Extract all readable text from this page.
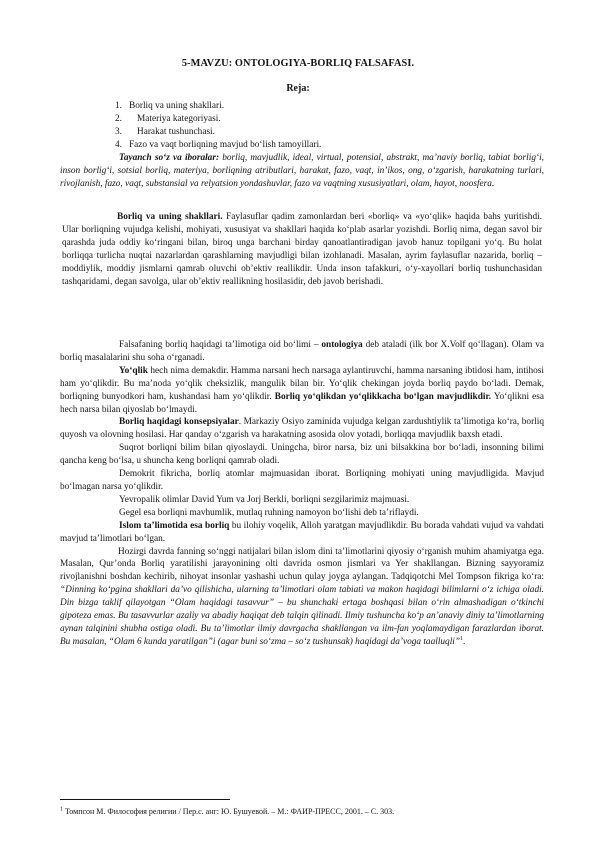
5-MAVZU: ONTOLOGIYA-BORLIQ FALSAFASI.
Reja:
1. Borliq va uning shakllari.
2. Materiya kategoriyasi.
3. Harakat tushunchasi.
4. Fazo va vaqt borliqning mavjud bo‘lish tamoyillari.

Tayanch so‘z va iboralar: borliq, mavjudlik, ideal, virtual, potensial, abstrakt, ma’naviy borliq, tabiat borlig‘i, inson borlig‘i, sotsial borliq, materiya, borliqning atributlari, harakat, fazo, vaqt, in’ikos, ong, o‘zgarish, harakatning turlari, rivojlanish, fazo, vaqt, substansial va relyatsion yondashuvlar, fazo va vaqtning xususiyatlari, olam, hayot, noosfera.

Borliq va uning shakllari. Faylasuflar qadim zamonlardan beri «borliq» va «yo‘qlik» haqida bahs yuritishdi. Ular borliqning vujudga kelishi, mohiyati, xususiyat va shakllari haqida ko‘plab asarlar yozishdi. Borliq nima, degan savol bir qarashda juda oddiy ko‘ringani bilan, biroq unga barchani birday qanoatlantiradigan javob hanuz topilgani yo‘q. Bu holat borliqqa turlicha nuqtai nazarlardan qarashlarning mavjudligi bilan izohlanadi. Masalan, ayrim faylasuflar nazarida, borliq – moddiylik, moddiy jismlarni qamrab oluvchi ob’ektiv reallikdir. Unda inson tafakkuri, o‘y-xayollari borliq tushunchasidan tashqaridami, degan savolga, ular ob’ektiv reallikning hosilasidir, deb javob berishadi.

Falsafaning borliq haqidagi ta’limotiga oid bo‘limi – ontologiya deb ataladi (ilk bor X.Volf qo‘llagan). Olam va borliq masalalarini shu soha o‘rganadi.

Yo‘qlik hech nima demakdir. Hamma narsani hech narsaga aylantiruvchi, hamma narsaning ibtidosi ham, intihosi ham yo‘qlikdir. Bu ma’noda yo‘qlik cheksizlik, mangulik bilan bir. Yo‘qlik chekingan joyda borliq paydo bo‘ladi. Demak, borliqning bunyodkori ham, kushandasi ham yo‘qlikdir. Borliq yo‘qlikdan yo‘qlikkacha bo‘lgan mavjudlikdir. Yo‘qlikni esa hech narsa bilan qiyoslab bo‘lmaydi.

Borliq haqidagi konsepsiyalar. Markaziy Osiyo zaminida vujudga kelgan zardushtiylik ta’limotiga ko‘ra, borliq quyosh va olovning hosilasi. Har qanday o‘zgarish va harakatning asosida olov yotadi, borliqqa mavjudlik baxsh etadi.

Suqrot borliqni bilim bilan qiyoslaydi. Uningcha, biror narsa, biz uni bilsakkina bor bo‘ladi, insonning bilimi qancha keng bo‘lsa, u shuncha keng borliqni qamrab oladi.

Demokrit fikricha, borliq atomlar majmuasidan iborat. Borliqning mohiyati uning mavjudligida. Mavjud bo‘lmagan narsa yo‘qlikdir.

Yevropalik olimlar David Yum va Jorj Berkli, borliqni sezgilarimiz majmuasi.

Gegel esa borliqni mavhumlik, mutlaq ruhning namoyon bo‘lishi deb ta’riflaydi.

Islom ta’limotida esa borliq bu ilohiy voqelik, Alloh yaratgan mavjudlikdir. Bu borada vahdati vujud va vahdati mavjud ta’limotlari bo‘lgan.

Hozirgi davrda fanning so‘nggi natijalari bilan islom dini ta’limotlarini qiyosiy o‘rganish muhim ahamiyatga ega. Masalan, Qur’onda Borliq yaratilishi jarayonining olti davrida osmon jismlari va Yer shakllangan. Bizning sayyoramiz rivojlanishni boshdan kechirib, nihoyat insonlar yashashi uchun qulay joyga aylangan. Tadqiqotchi Mel Tompson fikriga ko‘ra: “Dinning ko‘pgina shakllari da’vo qilishicha, ularning ta’limotlari olam tabiati va makon haqidagi bilimlarni o‘z ichiga oladi. Din bizga taklif qilayotgan “Olam haqidagi tasavvur” – bu shunchaki ertaga boshqasi bilan o‘rin almashadigan o‘tkinchi gipoteza emas. Bu tasavvurlar azaliy va abadiy haqiqat deb talqin qilinadi. Ilmiy tushuncha ko‘p an’anaviy diniy ta’limotlarning aynan talqinini shubha ostiga oladi. Bu ta’limotlar ilmiy davrgacha shakllangan va ilm-fan yoqlamaydigan farazlardan iborat. Bu masalan, “Olam 6 kunda yaratilgan”i (agar buni so‘zma – so‘z tushunsak) haqidagi da’voga taalluqli”$^1$.

$^1$ Томпсон М. Философия религии / Пер.с. анг: Ю. Бушуевой. – М.: ФАИР-ПРЕСС, 2001. – С. 303.
